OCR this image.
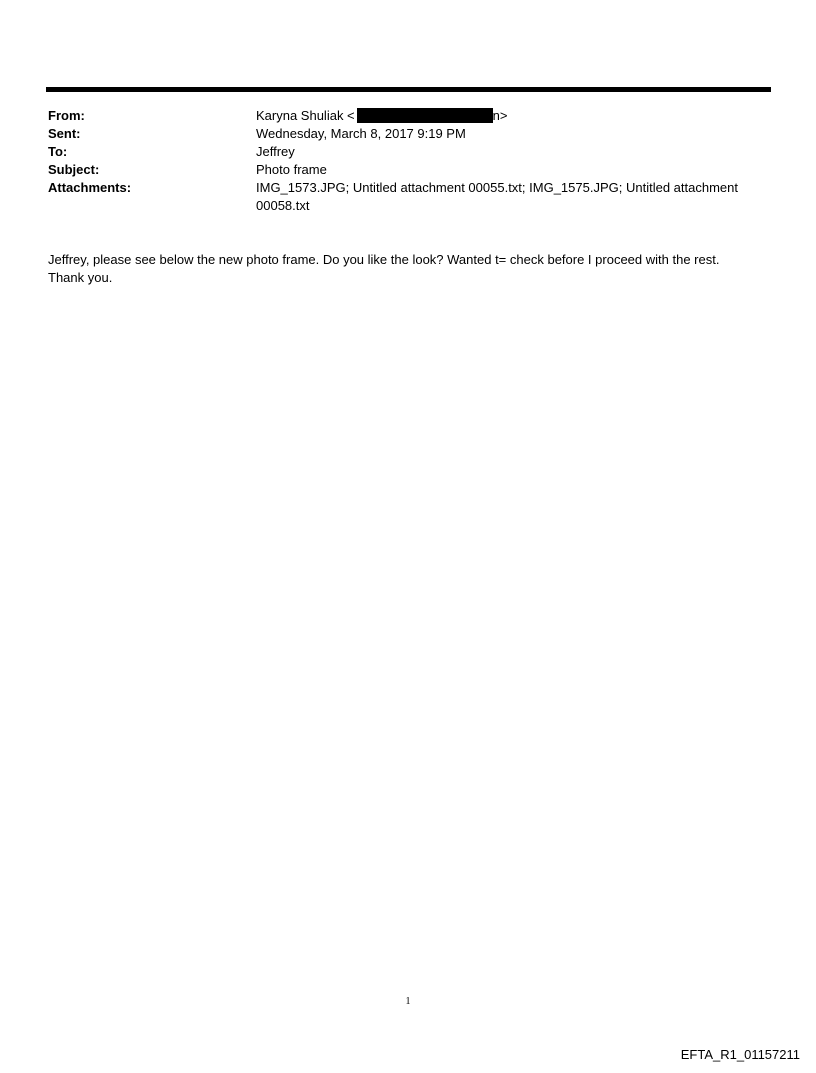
From:	Karyna Shuliak <	n>
Sent:	Wednesday, March 8, 2017 9:19 PM
To:	Jeffrey
Subject:	Photo frame
Attachments:	IMG_1573.JPG; Untitled attachment 00055.txt; IMG_1575.JPG; Untitled attachment 00058.txt

Jeffrey, please see below the new photo frame. Do you like the look? Wanted t= check before I proceed with the rest.

Thank you.

1
EFTA_R1_01157211
